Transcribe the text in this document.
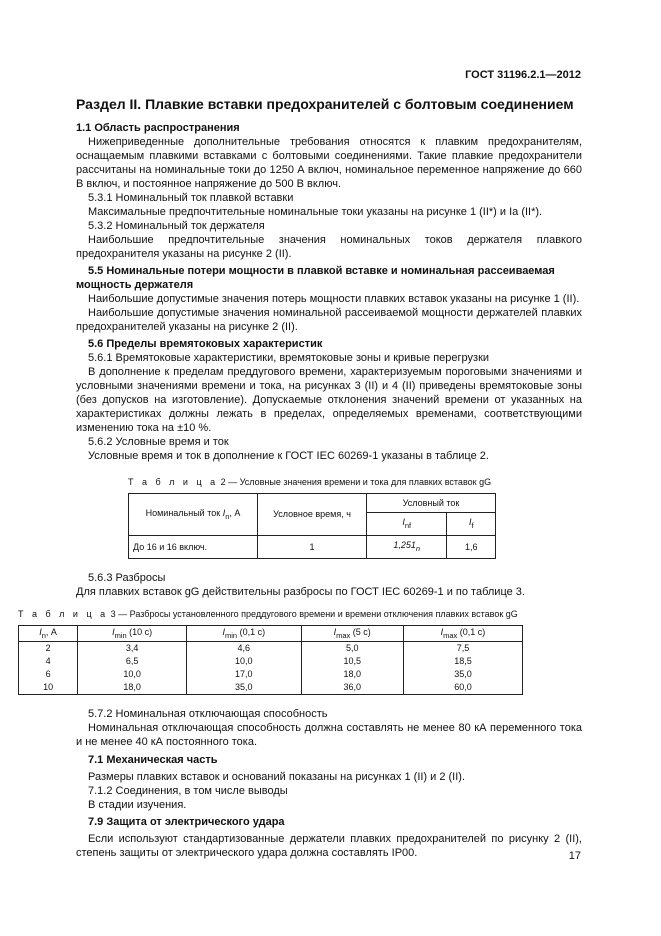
ГОСТ 31196.2.1—2012
Раздел II. Плавкие вставки предохранителей с болтовым соединением

1.1 Область распространения

Нижеприведенные дополнительные требования относятся к плавким предохранителям, оснащаемым плавкими вставками с болтовыми соединениями. Такие плавкие предохранители рассчитаны на номинальные токи до 1250 А включ, номинальное переменное напряжение до 660 В включ, и постоянное напряжение до 500 В включ.

5.3.1 Номинальный ток плавкой вставки

Максимальные предпочтительные номинальные токи указаны на рисунке 1 (II*) и Ia (II*).

5.3.2 Номинальный ток держателя

Наибольшие предпочтительные значения номинальных токов держателя плавкого предохранителя указаны на рисунке 2 (II).

5.5 Номинальные потери мощности в плавкой вставке и номинальная рассеиваемая мощность держателя

Наибольшие допустимые значения потерь мощности плавких вставок указаны на рисунке 1 (II).

Наибольшие допустимые значения номинальной рассеиваемой мощности держателей плавких предохранителей указаны на рисунке 2 (II).

5.6 Пределы времятоковых характеристик

5.6.1 Времятоковые характеристики, времятоковые зоны и кривые перегрузки

В дополнение к пределам преддугового времени, характеризуемым пороговыми значениями и условными значениями времени и тока, на рисунках 3 (II) и 4 (II) приведены времятоковые зоны (без допусков на изготовление). Допускаемые отклонения значений времени от указанных на характеристиках должны лежать в пределах, определяемых временами, соответствующими изменению тока на ±10 %.

5.6.2 Условные время и ток

Условные время и ток в дополнение к ГОСТ IEC 60269-1 указаны в таблице 2.

Т а б л и ц а 2 — Условные значения времени и тока для плавких вставок gG
Номинальный ток $I_n$, А	Условное время, ч	Условный ток	
		$I_{nf}$	$I_f$
До 16 и 16 включ.	1	$1,251_n$	1,6

5.6.3 Разбросы

Для плавких вставок gG действительны разбросы по ГОСТ IEC 60269-1 и по таблице 3.

Т а б л и ц а 3 — Разбросы установленного преддугового времени и времени отключения плавких вставок gG
$I_n$, А	$I_{min}$ (10 с)	$I_{min}$ (0,1 с)	$I_{max}$ (5 с)	$I_{max}$ (0,1 с)
2	3,4	4,6	5,0	7,5
4	6,5	10,0	10,5	18,5
6	10,0	17,0	18,0	35,0
10	18,0	35,0	36,0	60,0

5.7.2 Номинальная отключающая способность

Номинальная отключающая способность должна составлять не менее 80 кА переменного тока и не менее 40 кА постоянного тока.

7.1 Механическая часть

Размеры плавких вставок и оснований показаны на рисунках 1 (II) и 2 (II).

7.1.2 Соединения, в том числе выводы

В стадии изучения.

7.9 Защита от электрического удара

Если используют стандартизованные держатели плавких предохранителей по рисунку 2 (II), степень защиты от электрического удара должна составлять IP00.	17
